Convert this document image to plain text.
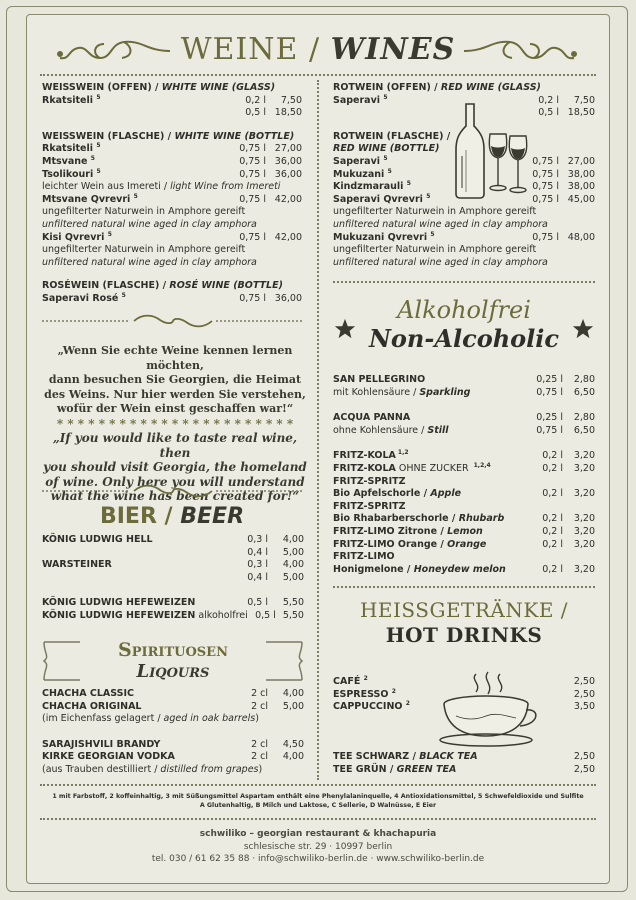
WEINE / WINES
WEISSWEIN (OFFEN) / WHITE WINE (GLASS)
Rkatsiteli $^5$	0,2 l	7,50
0,5 l 18,50
WEISSWEIN (FLASCHE) / WHITE WINE (BOTTLE)
Rkatsiteli $^5$	0,75 l 27,00
Mtsvane $^5$	0,75 l 36,00
Tsolikouri $^5$	0,75 l 36,00
leichter Wein aus Imereti / light Wine from Imereti
Mtsvane Qvrevri $^5$	0,75 l 42,00
ungefilterter Naturwein in Amphore gereift
unfiltered natural wine aged in clay amphora
Kisi Qvrevri $^5$	0,75 l 42,00
ungefilterter Naturwein in Amphore gereift
unfiltered natural wine aged in clay amphora
ROSÉWEIN (FLASCHE) / ROSÉ WINE (BOTTLE)
Saperavi Rosé $^5$	0,75 l 36,00
„Wenn Sie echte Weine kennen lernen möchten,
dann besuchen Sie Georgien, die Heimat
des Weins. Nur hier werden Sie verstehen,
wofür der Wein einst geschaffen war!“
* * * * * * * * * * * * * * * * * * * * * * *
„If you would like to taste real wine, then
you should visit Georgia, the homeland
of wine. Only here you will understand
what the wine has been created for!“
BIER / BEER
KÖNIG LUDWIG HELL	0,3 l	4,00
0,4 l	5,00
WARSTEINER	0,3 l	4,00
0,4 l	5,00
KÖNIG LUDWIG HEFEWEIZEN	0,5 l	5,50
KÖNIG LUDWIG HEFEWEIZEN alkoholfrei 0,5 l 5,50
Spirituosen
Liqours
CHACHA CLASSIC	2 cl	4,00
CHACHA ORIGINAL	2 cl	5,00
(im Eichenfass gelagert / aged in oak barrels)
SARAJISHVILI BRANDY	2 cl	4,50
KIRKE GEORGIAN VODKA	2 cl	4,00
(aus Trauben destilliert / distilled from grapes)
ROTWEIN (OFFEN) / RED WINE (GLASS)
Saperavi $^5$	0,2 l	7,50
0,5 l 18,50
ROTWEIN (FLASCHE) /
RED WINE (BOTTLE)
Saperavi $^5$	0,75 l 27,00
Mukuzani $^5$	0,75 l 38,00
Kindzmarauli $^5$	0,75 l 38,00
Saperavi Qvrevri $^5$	0,75 l 45,00
ungefilterter Naturwein in Amphore gereift
unfiltered natural wine aged in clay amphora
Mukuzani Qvrevri $^5$	0,75 l 48,00
ungefilterter Naturwein in Amphore gereift
unfiltered natural wine aged in clay amphora
Alkoholfrei
Non-Alcoholic
SAN PELLEGRINO	0,25 l	2,80
mit Kohlensäure / Sparkling	0,75 l	6,50
ACQUA PANNA	0,25 l	2,80
ohne Kohlensäure / Still	0,75 l	6,50
FRITZ-KOLA $^{1,2}$	0,2 l	3,20
FRITZ-KOLA OHNE ZUCKER $^{1,2,4}$	0,2 l	3,20
FRITZ-SPRITZ
Bio Apfelschorle / Apple	0,2 l	3,20
FRITZ-SPRITZ
Bio Rhabarberschorle / Rhubarb	0,2 l	3,20
FRITZ-LIMO Zitrone / Lemon	0,2 l	3,20
FRITZ-LIMO Orange / Orange	0,2 l	3,20
FRITZ-LIMO
Honigmelone / Honeydew melon	0,2 l	3,20
HEISSGETRÄNKE /
HOT DRINKS
CAFÉ $^2$	2,50
ESPRESSO $^2$	2,50
CAPPUCCINO $^2$	3,50
TEE SCHWARZ / BLACK TEA	2,50
TEE GRÜN / GREEN TEA	2,50
1 mit Farbstoff, 2 koffeinhaltig, 3 mit Süßungsmittel Aspartam enthält eine Phenylalaninquelle, 4 Antioxidationsmittel, 5 Schwefeldioxide und Sulfite
A Glutenhaltig, B Milch und Laktose, C Sellerie, D Walnüsse, E Eier
schwiliko – georgian restaurant & khachapuria
schlesische str. 29 · 10997 berlin
tel. 030 / 61 62 35 88 · info@schwiliko-berlin.de · www.schwiliko-berlin.de
